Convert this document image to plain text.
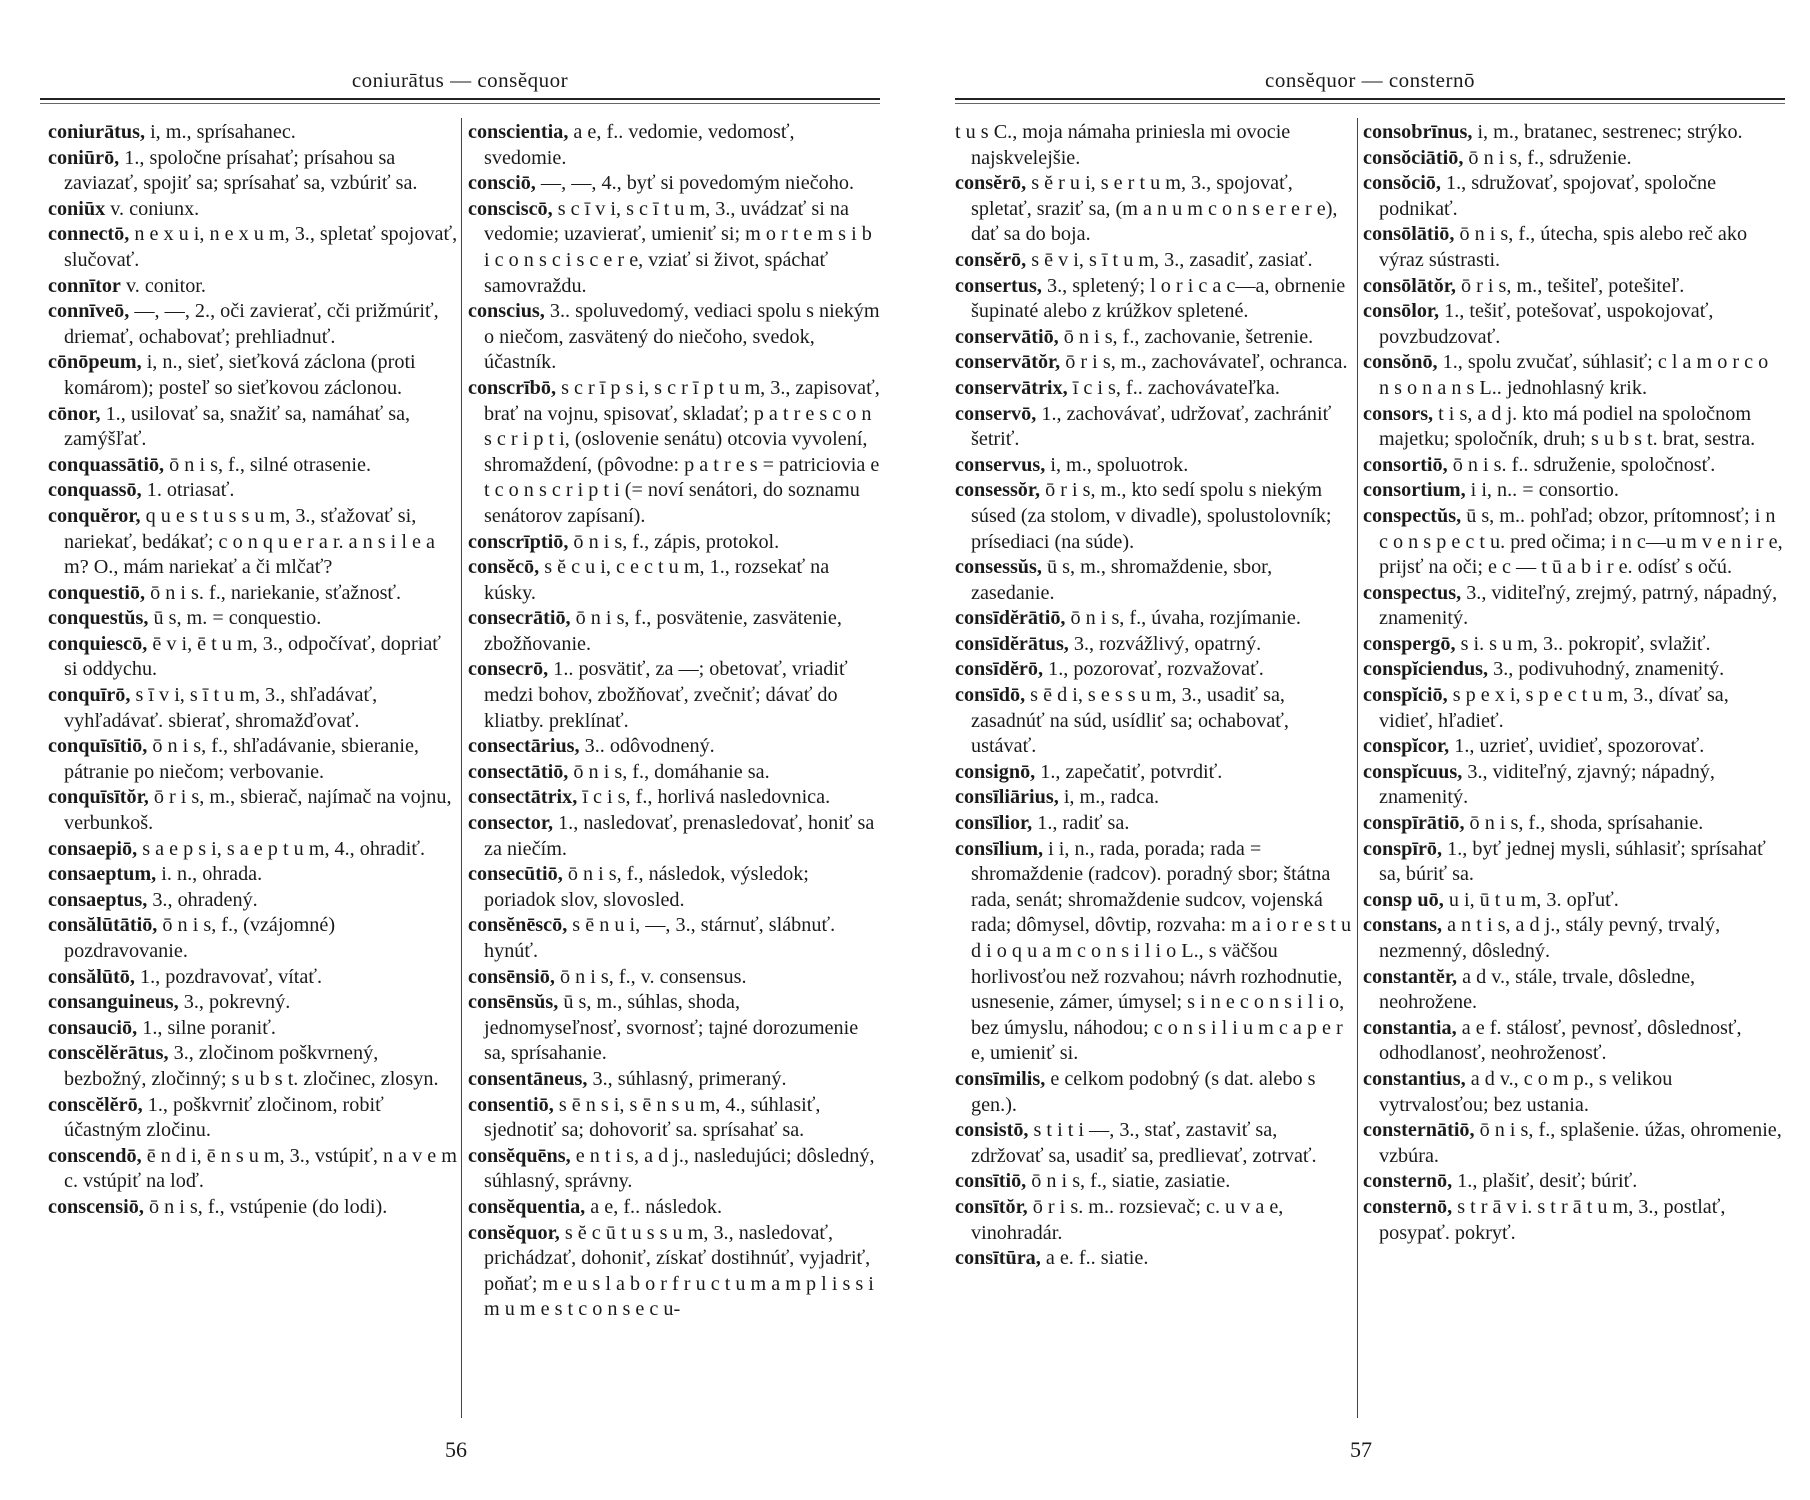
coniurātus — consĕquor

coniurātus, i, m., sprísahanec.

coniūrō, 1., spoločne prísahať; prísahou sa zaviazať, spojiť sa; sprísahať sa, vzbúriť sa.

coniūx v. coniunx.

connectō, n e x u i, n e x u m, 3., spletať spojovať, slučovať.

connītor v. conitor.

connīveō, —, —, 2., oči zavierať, cči prižmúriť, driemať, ochabovať; prehliadnuť.

cōnōpeum, i, n., sieť, sieťková záclona (proti komárom); posteľ so sieťkovou záclonou.

cōnor, 1., usilovať sa, snažiť sa, namáhať sa, zamýšľať.

conquassātiō, ō n i s, f., silné otrasenie.

conquassō, 1. otriasať.

conquĕror, q u e s t u s s u m, 3., sťažovať si, nariekať, bedákať; c o n q u e r a r. a n s i l e a m? O., mám nariekať a či mlčať?

conquestiō, ō n i s. f., nariekanie, sťažnosť.

conquestŭs, ū s, m. = conquestio.

conquiescō, ē v i, ē t u m, 3., odpočívať, dopriať si oddychu.

conquīrō, s ī v i, s ī t u m, 3., shľadávať, vyhľadávať. sbierať, shromažďovať.

conquīsītiō, ō n i s, f., shľadávanie, sbieranie, pátranie po niečom; verbovanie.

conquīsītŏr, ō r i s, m., sbierač, najímač na vojnu, verbunkoš.

consaepiō, s a e p s i, s a e p t u m, 4., ohradiť.

consaeptum, i. n., ohrada.

consaeptus, 3., ohradený.

consălūtātiō, ō n i s, f., (vzájomné) pozdravovanie.

consălūtō, 1., pozdravovať, vítať.

consanguineus, 3., pokrevný.

consauciō, 1., silne poraniť.

conscĕlĕrātus, 3., zločinom poškvrnený, bezbožný, zločinný; s u b s t. zločinec, zlosyn.

conscĕlĕrō, 1., poškvrniť zločinom, robiť účastným zločinu.

conscendō, ē n d i, ē n s u m, 3., vstúpiť, n a v e m c. vstúpiť na loď.

conscensiō, ō n i s, f., vstúpenie (do lodi).

conscientia, a e, f.. vedomie, vedomosť, svedomie.

consciō, —, —, 4., byť si povedomým niečoho.

consciscō, s c ī v i, s c ī t u m, 3., uvádzať si na vedomie; uzavierať, umieniť si; m o r t e m s i b i c o n s c i s c e r e, vziať si život, spáchať samovraždu.

conscius, 3.. spoluvedomý, vediaci spolu s niekým o niečom, zasvätený do niečoho, svedok, účastník.

conscrībō, s c r ī p s i, s c r ī p t u m, 3., zapisovať, brať na vojnu, spisovať, skladať; p a t r e s c o n s c r i p t i, (oslovenie senátu) otcovia vyvolení, shromaždení, (pôvodne: p a t r e s = patriciovia e t c o n s c r i p t i (= noví senátori, do soznamu senátorov zapísaní).

conscrīptiō, ō n i s, f., zápis, protokol.

consĕcō, s ĕ c u i, c e c t u m, 1., rozsekať na kúsky.

consecrātiō, ō n i s, f., posvätenie, zasvätenie, zbožňovanie.

consecrō, 1.. posvätiť, za —; obetovať, vriadiť medzi bohov, zbožňovať, zvečniť; dávať do kliatby. preklínať.

consectārius, 3.. odôvodnený.

consectātiō, ō n i s, f., domáhanie sa.

consectātrix, ī c i s, f., horlivá nasledovnica.

consector, 1., nasledovať, prenasledovať, honiť sa za niečím.

consecūtiō, ō n i s, f., následok, výsledok; poriadok slov, slovosled.

consĕnēscō, s ē n u i, —, 3., stárnuť, slábnuť. hynúť.

consēnsiō, ō n i s, f., v. consensus.

consēnsŭs, ū s, m., súhlas, shoda, jednomyseľnosť, svornosť; tajné dorozumenie sa, sprísahanie.

consentāneus, 3., súhlasný, primeraný.

consentiō, s ē n s i, s ē n s u m, 4., súhlasiť, sjednotiť sa; dohovoriť sa. sprísahať sa.

consĕquēns, e n t i s, a d j., nasledujúci; dôsledný, súhlasný, správny.

consĕquentia, a e, f.. následok.

consĕquor, s ĕ c ū t u s s u m, 3., nasledovať, prichádzať, dohoniť, získať dostihnúť, vyjadriť, poňať; m e u s l a b o r f r u c t u m a m p l i s s i m u m e s t c o n s e c u-

56
consĕquor — consternō

t u s C., moja námaha priniesla mi ovocie najskvelejšie.

consĕrō, s ĕ r u i, s e r t u m, 3., spojovať, spletať, sraziť sa, (m a n u m c o n s e r e r e), dať sa do boja.

consĕrō, s ē v i, s ī t u m, 3., zasadiť, zasiať.

consertus, 3., spletený; l o r i c a c—a, obrnenie šupinaté alebo z krúžkov spletené.

conservātiō, ō n i s, f., zachovanie, šetrenie.

conservātŏr, ō r i s, m., zachovávateľ, ochranca.

conservātrix, ī c i s, f.. zachovávateľka.

conservō, 1., zachovávať, udržovať, zachrániť šetriť.

conservus, i, m., spoluotrok.

consessŏr, ō r i s, m., kto sedí spolu s niekým súsed (za stolom, v divadle), spolustolovník; prísediaci (na súde).

consessŭs, ū s, m., shromaždenie, sbor, zasedanie.

consīdĕrātiō, ō n i s, f., úvaha, rozjímanie.

consīdĕrātus, 3., rozvážlivý, opatrný.

consīdĕrō, 1., pozorovať, rozvažovať.

consīdō, s ē d i, s e s s u m, 3., usadiť sa, zasadnúť na súd, usídliť sa; ochabovať, ustávať.

consignō, 1., zapečatiť, potvrdiť.

consīliārius, i, m., radca.

consīlior, 1., radiť sa.

consīlium, i i, n., rada, porada; rada = shromaždenie (radcov). poradný sbor; štátna rada, senát; shromaždenie sudcov, vojenská rada; dômysel, dôvtip, rozvaha: m a i o r e s t u d i o q u a m c o n s i l i o L., s väčšou horlivosťou než rozvahou; návrh rozhodnutie, usnesenie, zámer, úmysel; s i n e c o n s i l i o, bez úmyslu, náhodou; c o n s i l i u m c a p e r e, umieniť si.

consīmilis, e celkom podobný (s dat. alebo s gen.).

consistō, s t i t i —, 3., stať, zastaviť sa, zdržovať sa, usadiť sa, predlievať, zotrvať.

consītiō, ō n i s, f., siatie, zasiatie.

consītŏr, ō r i s. m.. rozsievač; c. u v a e, vinohradár.

consītūra, a e. f.. siatie.

consobrīnus, i, m., bratanec, sestrenec; strýko.

consŏciātiō, ō n i s, f., sdruženie.

consŏciō, 1., sdružovať, spojovať, spoločne podnikať.

consōlātiō, ō n i s, f., útecha, spis alebo reč ako výraz sústrasti.

consōlātŏr, ō r i s, m., tešiteľ, potešiteľ.

consōlor, 1., tešiť, potešovať, uspokojovať, povzbudzovať.

consŏnō, 1., spolu zvučať, súhlasiť; c l a m o r c o n s o n a n s L.. jednohlasný krik.

consors, t i s, a d j. kto má podiel na spoločnom majetku; spoločník, druh; s u b s t. brat, sestra.

consortiō, ō n i s. f.. sdruženie, spoločnosť.

consortium, i i, n.. = consortio.

conspectŭs, ū s, m.. pohľad; obzor, prítomnosť; i n c o n s p e c t u. pred očima; i n c—u m v e n i r e, prijsť na oči; e c — t ū a b i r e. odísť s očú.

conspectus, 3., viditeľný, zrejmý, patrný, nápadný, znamenitý.

conspergō, s i. s u m, 3.. pokropiť, svlažiť.

conspĭciendus, 3., podivuhodný, znamenitý.

conspĭciō, s p e x i, s p e c t u m, 3., dívať sa, vidieť, hľadieť.

conspĭcor, 1., uzrieť, uvidieť, spozorovať.

conspĭcuus, 3., viditeľný, zjavný; nápadný, znamenitý.

conspīrātiō, ō n i s, f., shoda, sprísahanie.

conspīrō, 1., byť jednej mysli, súhlasiť; sprísahať sa, búriť sa.

consp uō, u i, ū t u m, 3. opľuť.

constans, a n t i s, a d j., stály pevný, trvalý, nezmenný, dôsledný.

constantĕr, a d v., stále, trvale, dôsledne, neohrožene.

constantia, a e f. stálosť, pevnosť, dôslednosť, odhodlanosť, neohroženosť.

constantius, a d v., c o m p., s velikou vytrvalosťou; bez ustania.

consternātiō, ō n i s, f., splašenie. úžas, ohromenie, vzbúra.

consternō, 1., plašiť, desiť; búriť.

consternō, s t r ā v i. s t r ā t u m, 3., postlať, posypať. pokryť.

57
